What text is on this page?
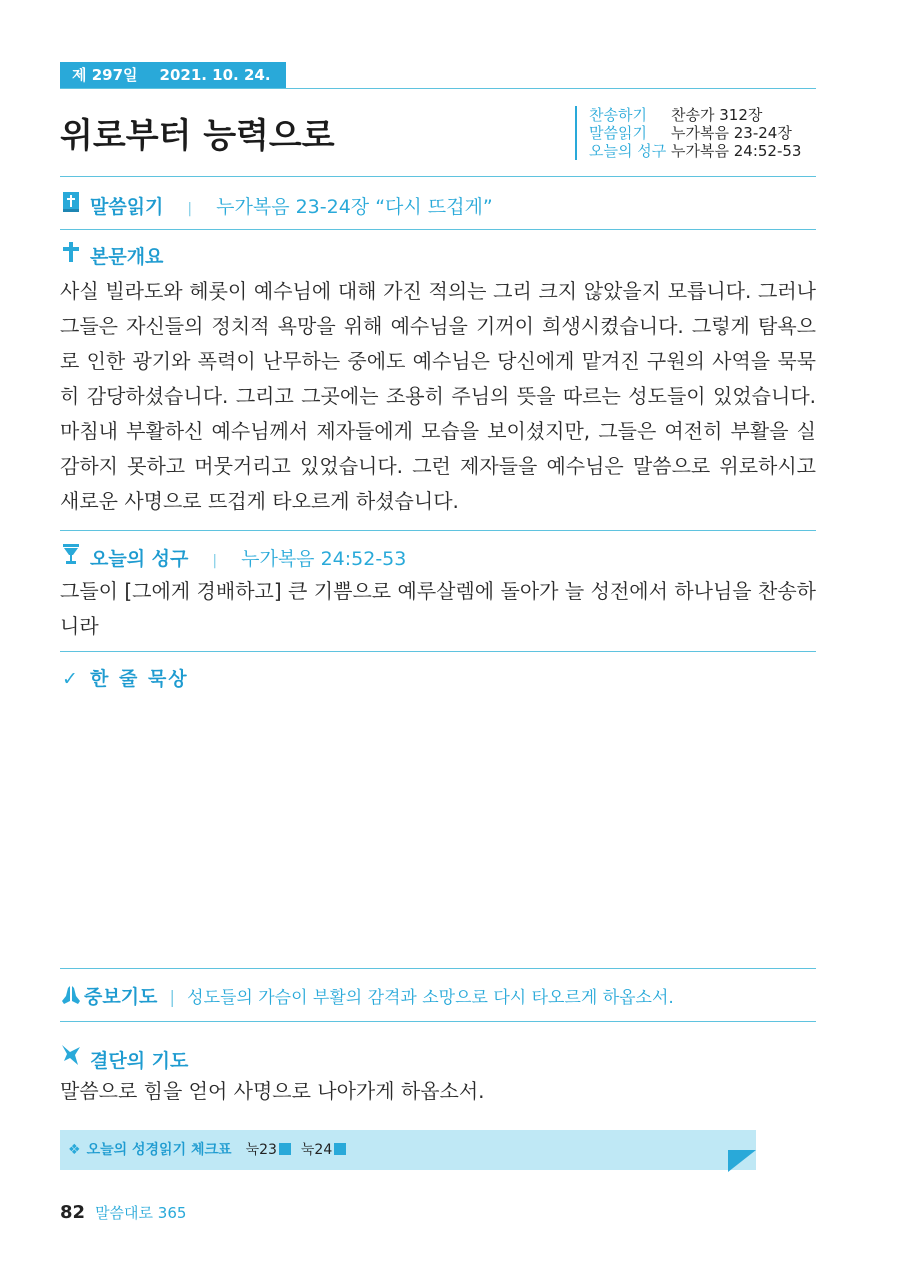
제 297일 2021. 10. 24. 주
위로부터 능력으로
찬송하기 찬송가 312장
말씀읽기 누가복음 23-24장
오늘의 성구 누가복음 24:52-53
말씀읽기 | 누가복음 23-24장 “다시 뜨겁게”
본문개요
사실 빌라도와 헤롯이 예수님에 대해 가진 적의는 그리 크지 않았을지 모릅니다. 그러나 그들은 자신들의 정치적 욕망을 위해 예수님을 기꺼이 희생시켰습니다. 그렇게 탐욕으로 인한 광기와 폭력이 난무하는 중에도 예수님은 당신에게 맡겨진 구원의 사역을 묵묵히 감당하셨습니다. 그리고 그곳에는 조용히 주님의 뜻을 따르는 성도들이 있었습니다. 마침내 부활하신 예수님께서 제자들에게 모습을 보이셨지만, 그들은 여전히 부활을 실감하지 못하고 머뭇거리고 있었습니다. 그런 제자들을 예수님은 말씀으로 위로하시고 새로운 사명으로 뜨겁게 타오르게 하셨습니다.
오늘의 성구 | 누가복음 24:52-53
그들이 [그에게 경배하고] 큰 기쁨으로 예루살렘에 돌아가 늘 성전에서 하나님을 찬송하니라
✓ 한 줄 묵상
중보기도 | 성도들의 가슴이 부활의 감격과 소망으로 다시 타오르게 하옵소서.
결단의 기도
말씀으로 힘을 얻어 사명으로 나아가게 하옵소서.
❖ 오늘의 성경읽기 체크표 눅23 눅24
82 말씀대로 365
